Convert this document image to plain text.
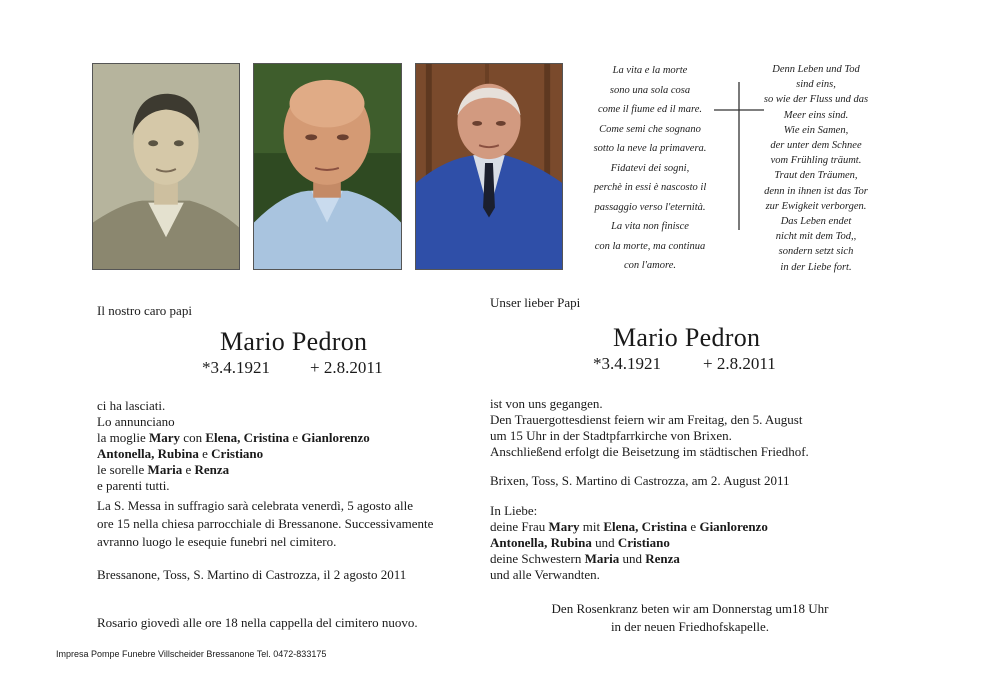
La vita e la morte
sono una sola cosa
come il fiume ed il mare.
Come semi che sognano
sotto la neve la primavera.
Fidatevi dei sogni,
perchè in essi è nascosto il
passaggio verso l'eternità.
La vita non finisce
con la morte, ma continua
con l'amore.
Denn Leben und Tod
sind eins,
so wie der Fluss und das
Meer eins sind.
Wie ein Samen,
der unter dem Schnee
vom Frühling träumt.
Traut den Träumen,
denn in ihnen ist das Tor
zur Ewigkeit verborgen.
Das Leben endet
nicht mit dem Tod,,
sondern setzt sich
in der Liebe fort.
Il nostro caro papi
Mario Pedron
*3.4.1921 + 2.8.2011
ci ha lasciati.
Lo annunciano
la moglie Mary con Elena, Cristina e Gianlorenzo
Antonella, Rubina e Cristiano
le sorelle Maria e Renza
e parenti tutti.
La S. Messa in suffragio sarà celebrata venerdì, 5 agosto alle
ore 15 nella chiesa parrocchiale di Bressanone. Successivamente
avranno luogo le esequie funebri nel cimitero.
Bressanone, Toss, S. Martino di Castrozza, il 2 agosto 2011
Rosario giovedì alle ore 18 nella cappella del cimitero nuovo.
Unser lieber Papi
Mario Pedron
*3.4.1921 + 2.8.2011
ist von uns gegangen.
Den Trauergottesdienst feiern wir am Freitag, den 5. August
um 15 Uhr in der Stadtpfarrkirche von Brixen.
Anschließend erfolgt die Beisetzung im städtischen Friedhof.
Brixen, Toss, S. Martino di Castrozza, am 2. August 2011
In Liebe:
deine Frau Mary mit Elena, Cristina e Gianlorenzo
Antonella, Rubina und Cristiano
deine Schwestern Maria und Renza
und alle Verwandten.
Den Rosenkranz beten wir am Donnerstag um18 Uhr
in der neuen Friedhofskapelle.
Impresa Pompe Funebre Villscheider Bressanone Tel. 0472-833175
